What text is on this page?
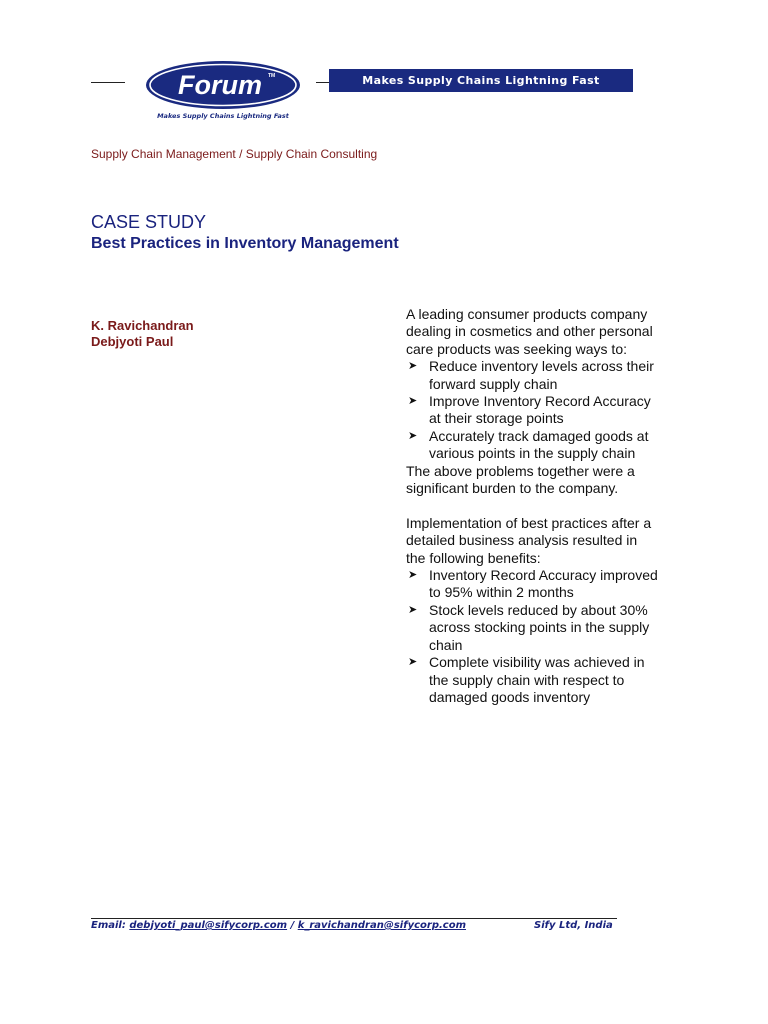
Forum TM
Makes Supply Chains Lightning Fast
Makes Supply Chains Lightning Fast
Supply Chain Management / Supply Chain Consulting
CASE STUDY
Best Practices in Inventory Management
K. Ravichandran
Debjyoti Paul

A leading consumer products company
dealing in cosmetics and other personal
care products was seeking ways to:

➤ Reduce inventory levels across their
forward supply chain
➤ Improve Inventory Record Accuracy
at their storage points
➤ Accurately track damaged goods at
various points in the supply chain

The above problems together were a
significant burden to the company.

Implementation of best practices after a
detailed business analysis resulted in
the following benefits:

➤ Inventory Record Accuracy improved
to 95% within 2 months
➤ Stock levels reduced by about 30%
across stocking points in the supply
chain
➤ Complete visibility was achieved in
the supply chain with respect to
damaged goods inventory
Email: debjyoti_paul@sifycorp.com / k_ravichandran@sifycorp.com	Sify Ltd, India
